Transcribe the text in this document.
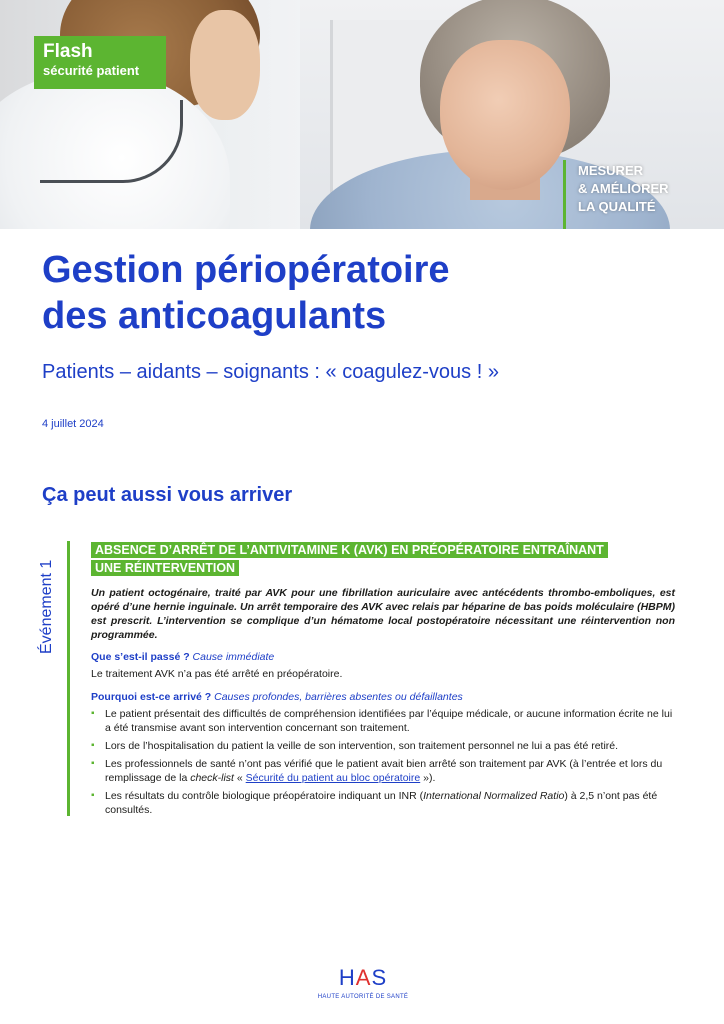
Flash
sécurité patient
MESURER
& AMÉLIORER
LA QUALITÉ
Gestion périopératoire
des anticoagulants

Patients – aidants – soignants : « coagulez-vous ! »

4 juillet 2024
Ça peut aussi vous arriver
Événement 1
ABSENCE D’ARRÊT DE L’ANTIVITAMINE K (AVK) EN PRÉOPÉRATOIRE ENTRAÎNANT UNE RÉINTERVENTION

Un patient octogénaire, traité par AVK pour une fibrillation auriculaire avec antécédents thrombo-emboliques, est opéré d’une hernie inguinale. Un arrêt temporaire des AVK avec relais par héparine de bas poids moléculaire (HBPM) est prescrit. L’intervention se complique d’un hématome local postopératoire nécessitant une réintervention non programmée.

Que s’est-il passé ? Cause immédiate

Le traitement AVK n’a pas été arrêté en préopératoire.

Pourquoi est-ce arrivé ? Causes profondes, barrières absentes ou défaillantes

▪ Le patient présentait des difficultés de compréhension identifiées par l’équipe médicale, or aucune information écrite ne lui a été transmise avant son intervention concernant son traitement.
▪ Lors de l’hospitalisation du patient la veille de son intervention, son traitement personnel ne lui a pas été retiré.
▪ Les professionnels de santé n’ont pas vérifié que le patient avait bien arrêté son traitement par AVK (à l’entrée et lors du remplissage de la check-list « Sécurité du patient au bloc opératoire »).
▪ Les résultats du contrôle biologique préopératoire indiquant un INR (International Normalized Ratio) à 2,5 n’ont pas été consultés.
HAS
HAUTE AUTORITÉ DE SANTÉ
